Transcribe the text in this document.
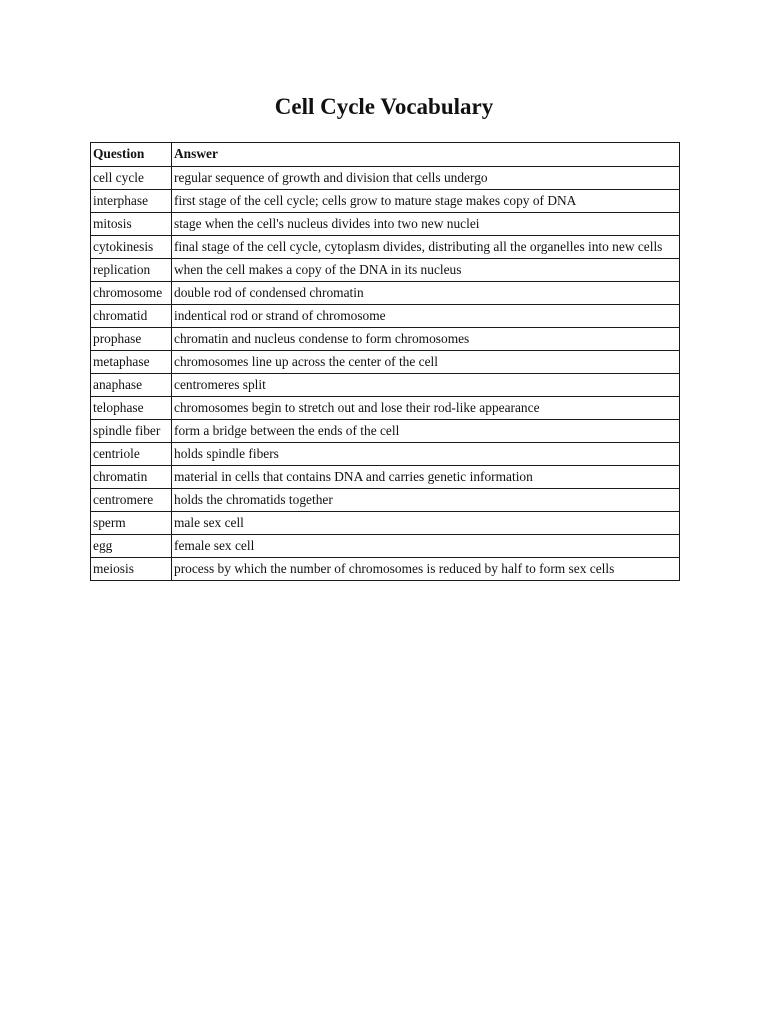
Cell Cycle Vocabulary
Question	Answer
cell cycle	regular sequence of growth and division that cells undergo
interphase	first stage of the cell cycle; cells grow to mature stage makes copy of DNA
mitosis	stage when the cell's nucleus divides into two new nuclei
cytokinesis	final stage of the cell cycle, cytoplasm divides, distributing all the organelles into new cells
replication	when the cell makes a copy of the DNA in its nucleus
chromosome	double rod of condensed chromatin
chromatid	indentical rod or strand of chromosome
prophase	chromatin and nucleus condense to form chromosomes
metaphase	chromosomes line up across the center of the cell
anaphase	centromeres split
telophase	chromosomes begin to stretch out and lose their rod-like appearance
spindle fiber	form a bridge between the ends of the cell
centriole	holds spindle fibers
chromatin	material in cells that contains DNA and carries genetic information
centromere	holds the chromatids together
sperm	male sex cell
egg	female sex cell
meiosis	process by which the number of chromosomes is reduced by half to form sex cells
